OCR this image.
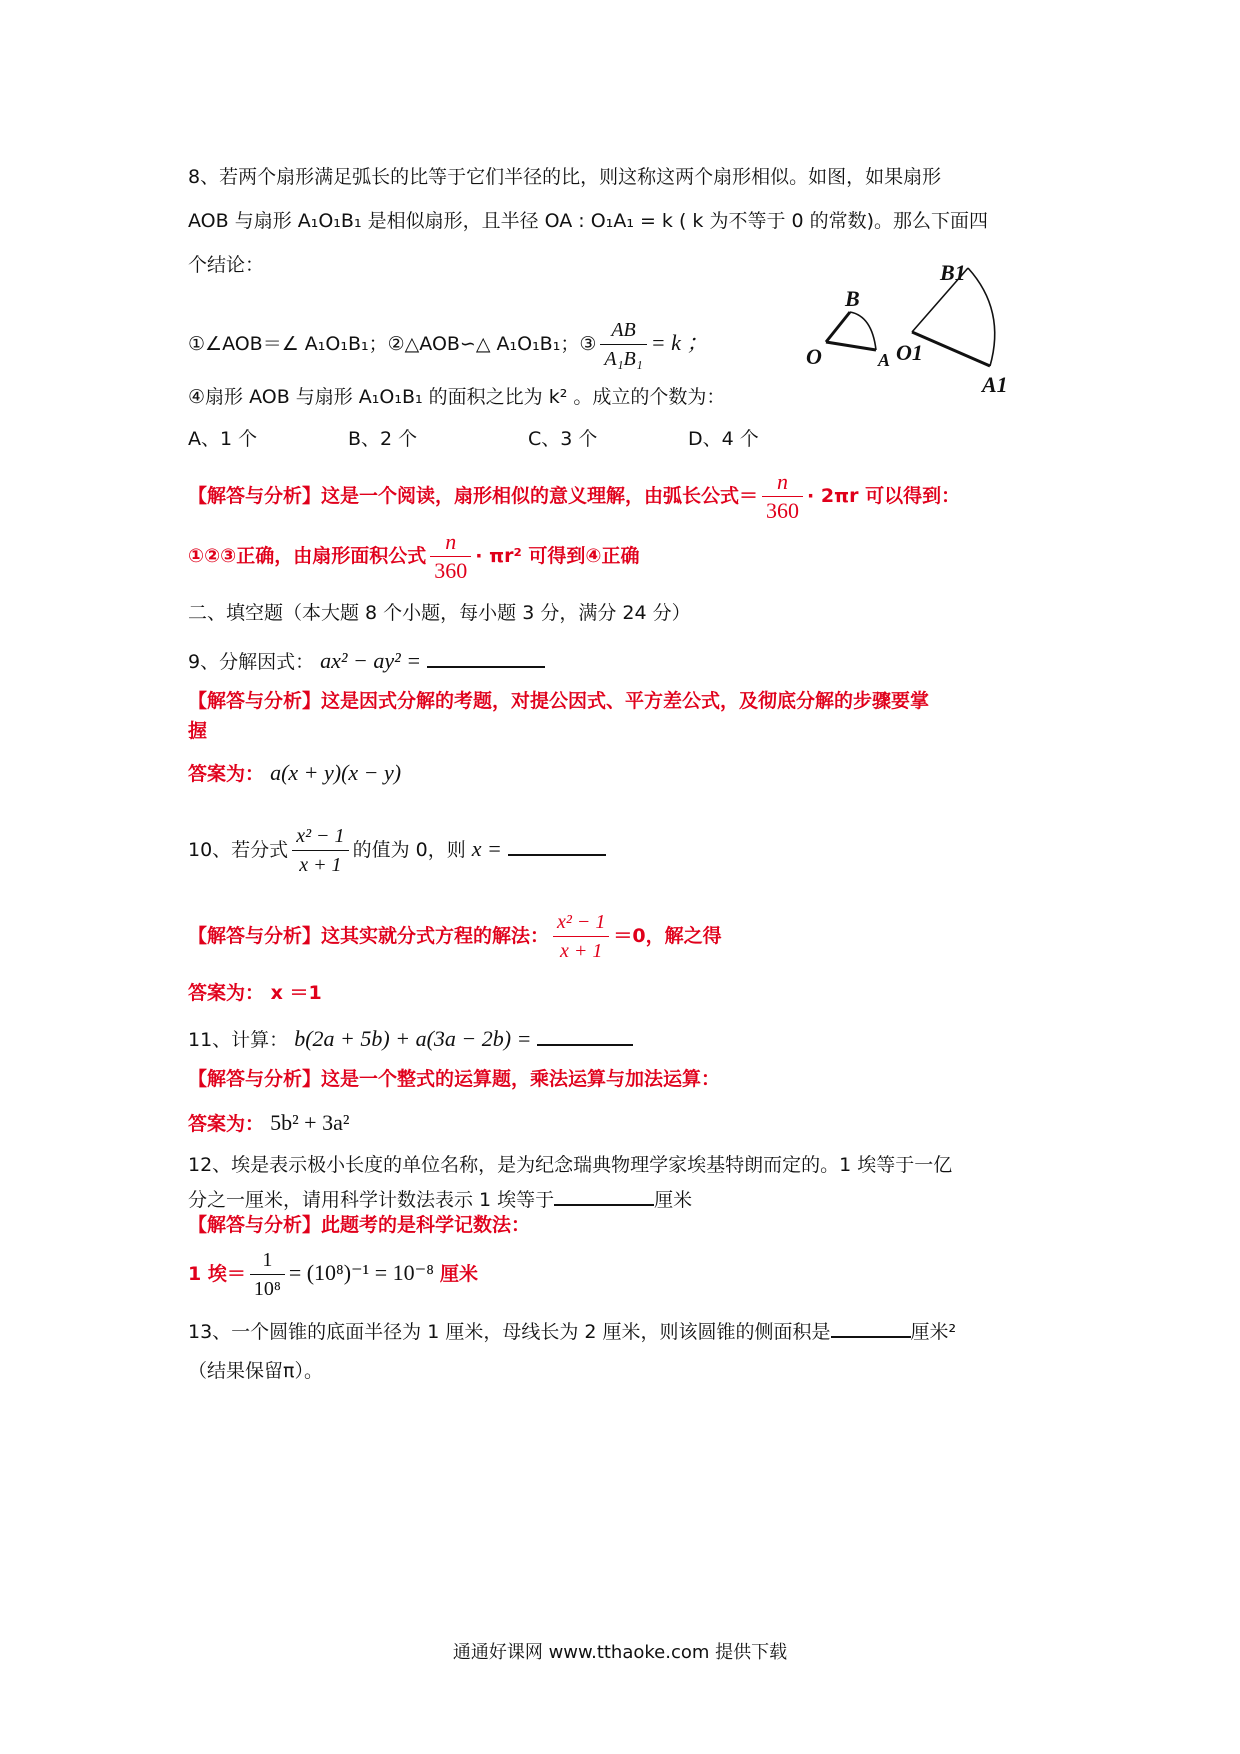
8、若两个扇形满足弧长的比等于它们半径的比，则这称这两个扇形相似。如图，如果扇形
AOB 与扇形 A₁O₁B₁ 是相似扇形，且半径 OA : O₁A₁ = k ( k 为不等于 0 的常数)。那么下面四
个结论：
①∠AOB＝∠ A₁O₁B₁；②△AOB∽△ A₁O₁B₁；③ $\frac{AB}{\text{A₁B₁}} = k$ ；
④扇形 AOB 与扇形 A₁O₁B₁ 的面积之比为 k² 。成立的个数为：
A、1 个	B、2 个	C、3 个	D、4 个
【解答与分析】这是一个阅读，扇形相似的意义理解，由弧长公式＝ $\frac{n}{360} \cdot 2\pi r$ 可以得到：
①②③正确，由扇形面积公式 $\frac{n}{360} \cdot \pi r^2$ 可得到④正确
B
O	A
B1
O1
A1
二、填空题（本大题 8 个小题，每小题 3 分，满分 24 分）
9、分解因式： ax² − ay² =
【解答与分析】这是因式分解的考题，对提公因式、平方差公式，及彻底分解的步骤要掌
握
答案为： a(x + y)(x − y)
10、若分式 $\frac{\text{x² − 1}}{x + 1}$ 的值为 0，则 x =
【解答与分析】这其实就分式方程的解法： $\frac{\text{x² − 1}}{x + 1} =0$，解之得
答案为： x ＝1
11、计算： b(2a + 5b) + a(3a − 2b) =
【解答与分析】这是一个整式的运算题，乘法运算与加法运算：
答案为： 5b² + 3a²
12、埃是表示极小长度的单位名称，是为纪念瑞典物理学家埃基特朗而定的。1 埃等于一亿
分之一厘米，请用科学计数法表示 1 埃等于	厘米
【解答与分析】此题考的是科学记数法：
1 埃＝ $\frac{1}{\text{10⁸}} = (10^8)^{-1} = 10^{-8}$ 厘米
13、一个圆锥的底面半径为 1 厘米，母线长为 2 厘米，则该圆锥的侧面积是	厘米²
（结果保留π）。
通通好课网 www.tthaoke.com 提供下载
